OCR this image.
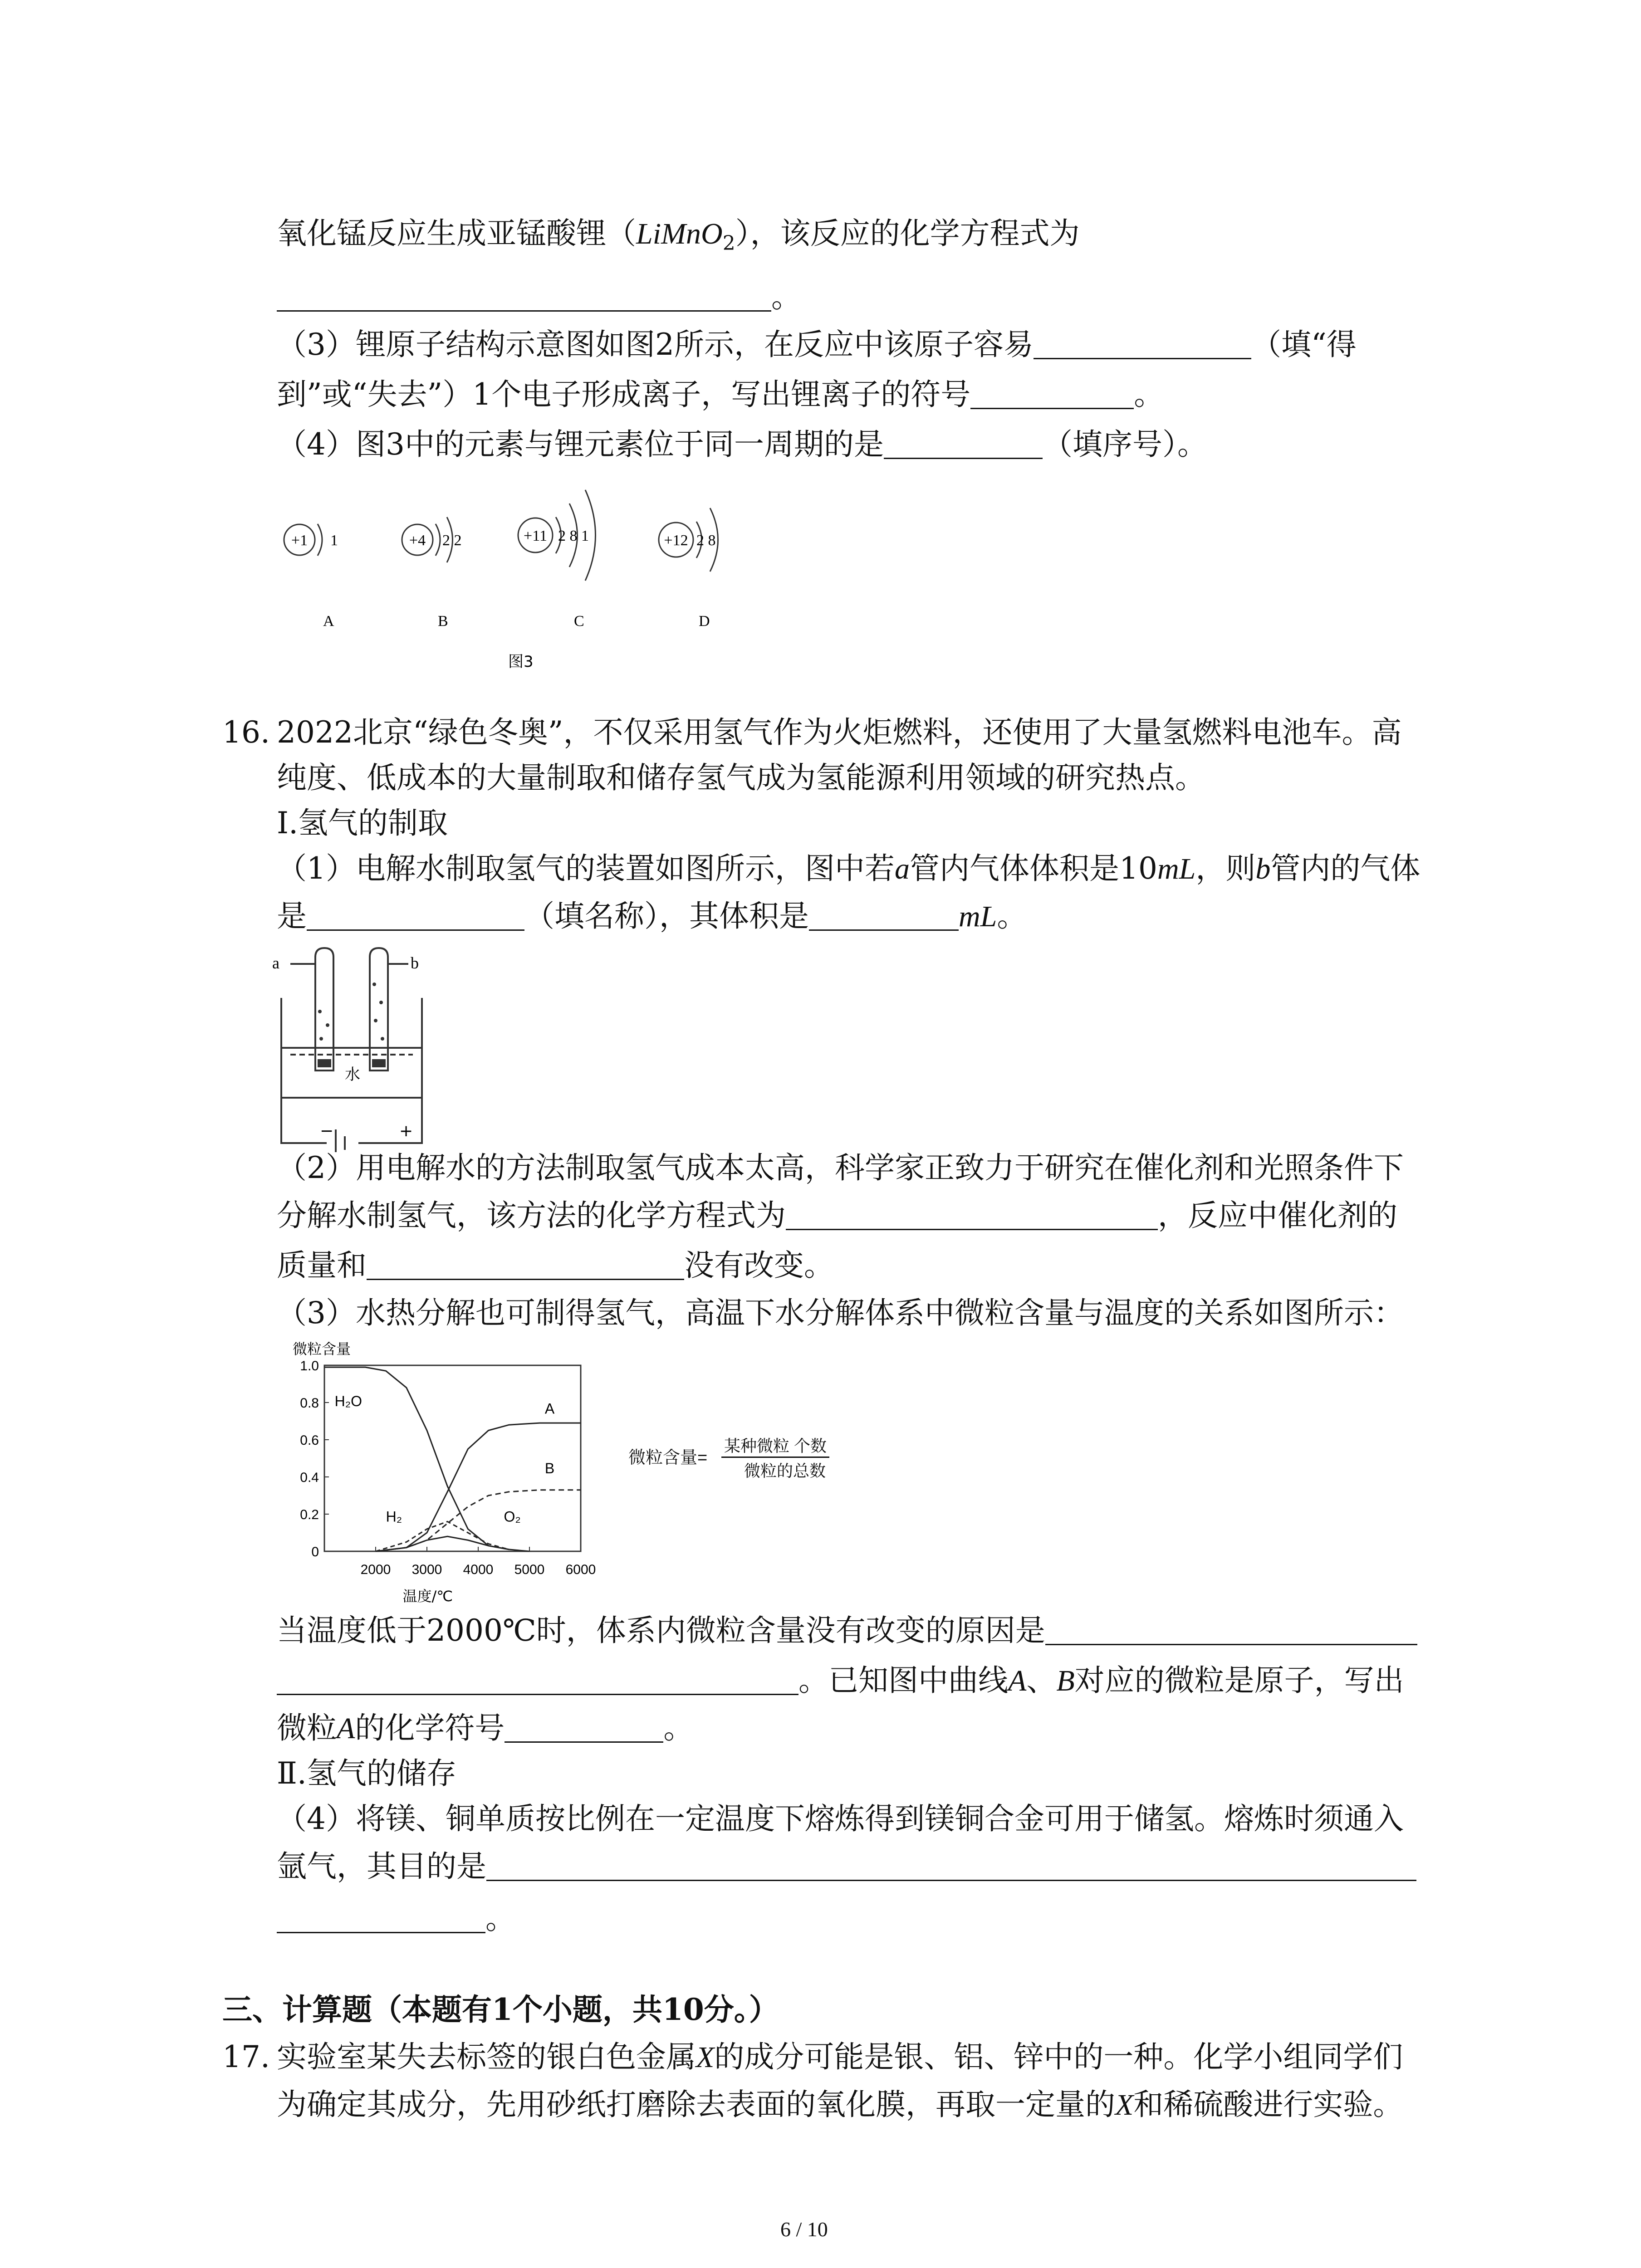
氧化锰反应生成亚锰酸锂（LiMnO$_2$），该反应的化学方程式为
。
（3）锂原子结构示意图如图2所示，在反应中该原子容易	（填“得
到”或“失去”）1个电子形成离子，写出锂离子的符号	。
（4）图3中的元素与锂元素位于同一周期的是	（填序号）。
+1 1
A
+4 2 2
B
+11 2 8 1
C
+12 2 8
D
图3
16. 2022北京“绿色冬奥”，不仅采用氢气作为火炬燃料，还使用了大量氢燃料电池车。高
纯度、低成本的大量制取和储存氢气成为氢能源利用领域的研究热点。
Ⅰ.氢气的制取
（1）电解水制取氢气的装置如图所示，图中若a管内气体体积是10mL，则b管内的气体
是	（填名称），其体积是	mL。
a	b
水
−	+
（2）用电解水的方法制取氢气成本太高，科学家正致力于研究在催化剂和光照条件下
分解水制氢气，该方法的化学方程式为	，反应中催化剂的
质量和	没有改变。
（3）水热分解也可制得氢气，高温下水分解体系中微粒含量与温度的关系如图所示：
微粒含量
温度/℃
0
0.2
0.4
0.6
0.8
1.0
2000 3000 4000 5000 6000
H₂O	A
B
H₂	O₂
微粒含量=
某种微粒 个数
微粒的总数
当温度低于2000℃时，体系内微粒含量没有改变的原因是
。已知图中曲线A、B对应的微粒是原子，写出
微粒A的化学符号	。
Ⅱ.氢气的储存
（4）将镁、铜单质按比例在一定温度下熔炼得到镁铜合金可用于储氢。熔炼时须通入
氩气，其目的是
。
三、计算题（本题有1个小题，共10分。）
17. 实验室某失去标签的银白色金属X的成分可能是银、铝、锌中的一种。化学小组同学们
为确定其成分，先用砂纸打磨除去表面的氧化膜，再取一定量的X和稀硫酸进行实验。
6 / 10
